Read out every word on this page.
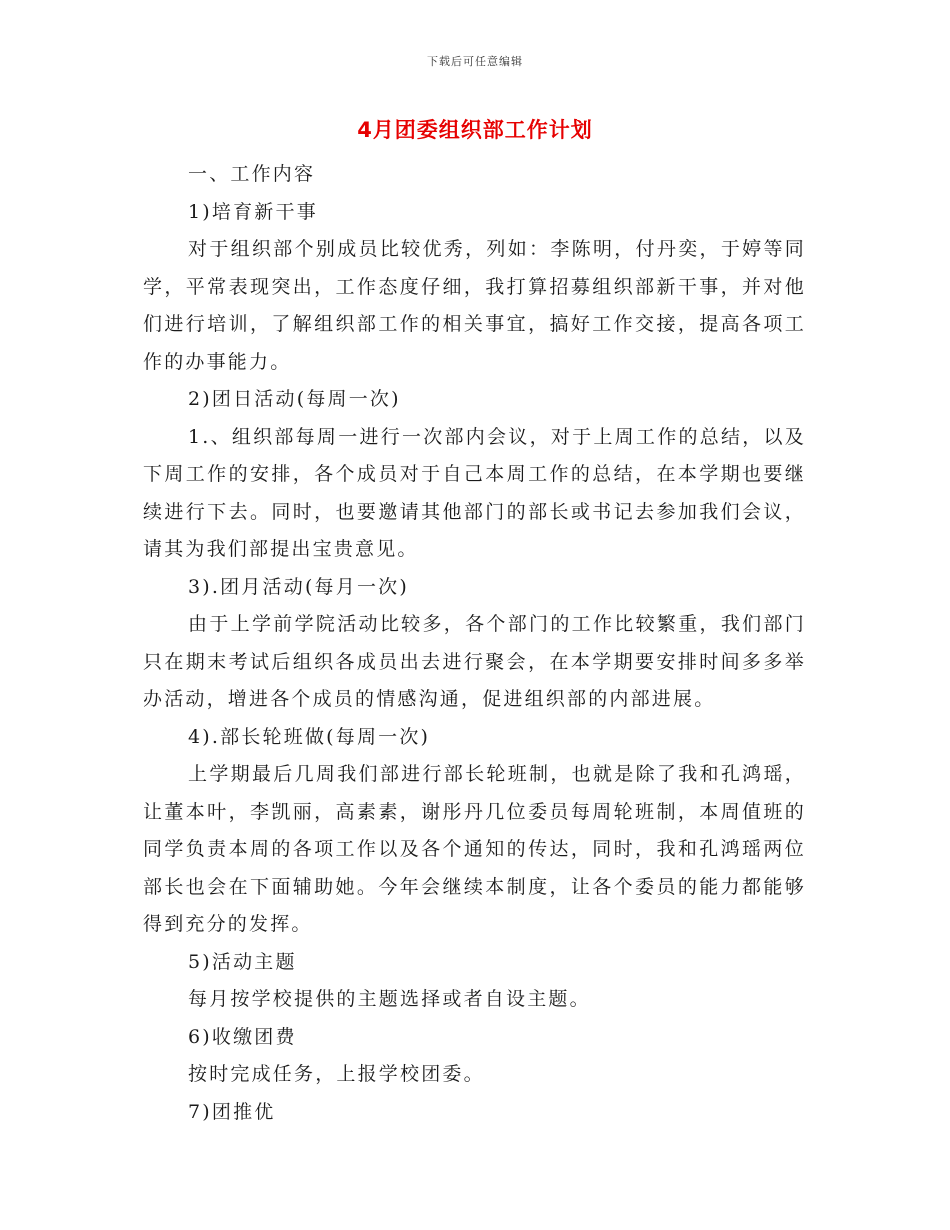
下载后可任意编辑
4月团委组织部工作计划

一、工作内容

1)培育新干事

对于组织部个别成员比较优秀，列如：李陈明，付丹奕，于婷等同学，平常表现突出，工作态度仔细，我打算招募组织部新干事，并对他们进行培训，了解组织部工作的相关事宜，搞好工作交接，提高各项工作的办事能力。

2)团日活动(每周一次)

1.、组织部每周一进行一次部内会议，对于上周工作的总结，以及下周工作的安排，各个成员对于自己本周工作的总结，在本学期也要继续进行下去。同时，也要邀请其他部门的部长或书记去参加我们会议，请其为我们部提出宝贵意见。

3).团月活动(每月一次)

由于上学前学院活动比较多，各个部门的工作比较繁重，我们部门只在期末考试后组织各成员出去进行聚会，在本学期要安排时间多多举办活动，增进各个成员的情感沟通，促进组织部的内部进展。

4).部长轮班做(每周一次)

上学期最后几周我们部进行部长轮班制，也就是除了我和孔鸿瑶，让董本叶，李凯丽，高素素，谢彤丹几位委员每周轮班制，本周值班的同学负责本周的各项工作以及各个通知的传达，同时，我和孔鸿瑶两位部长也会在下面辅助她。今年会继续本制度，让各个委员的能力都能够得到充分的发挥。

5)活动主题

每月按学校提供的主题选择或者自设主题。

6)收缴团费

按时完成任务，上报学校团委。

7)团推优
